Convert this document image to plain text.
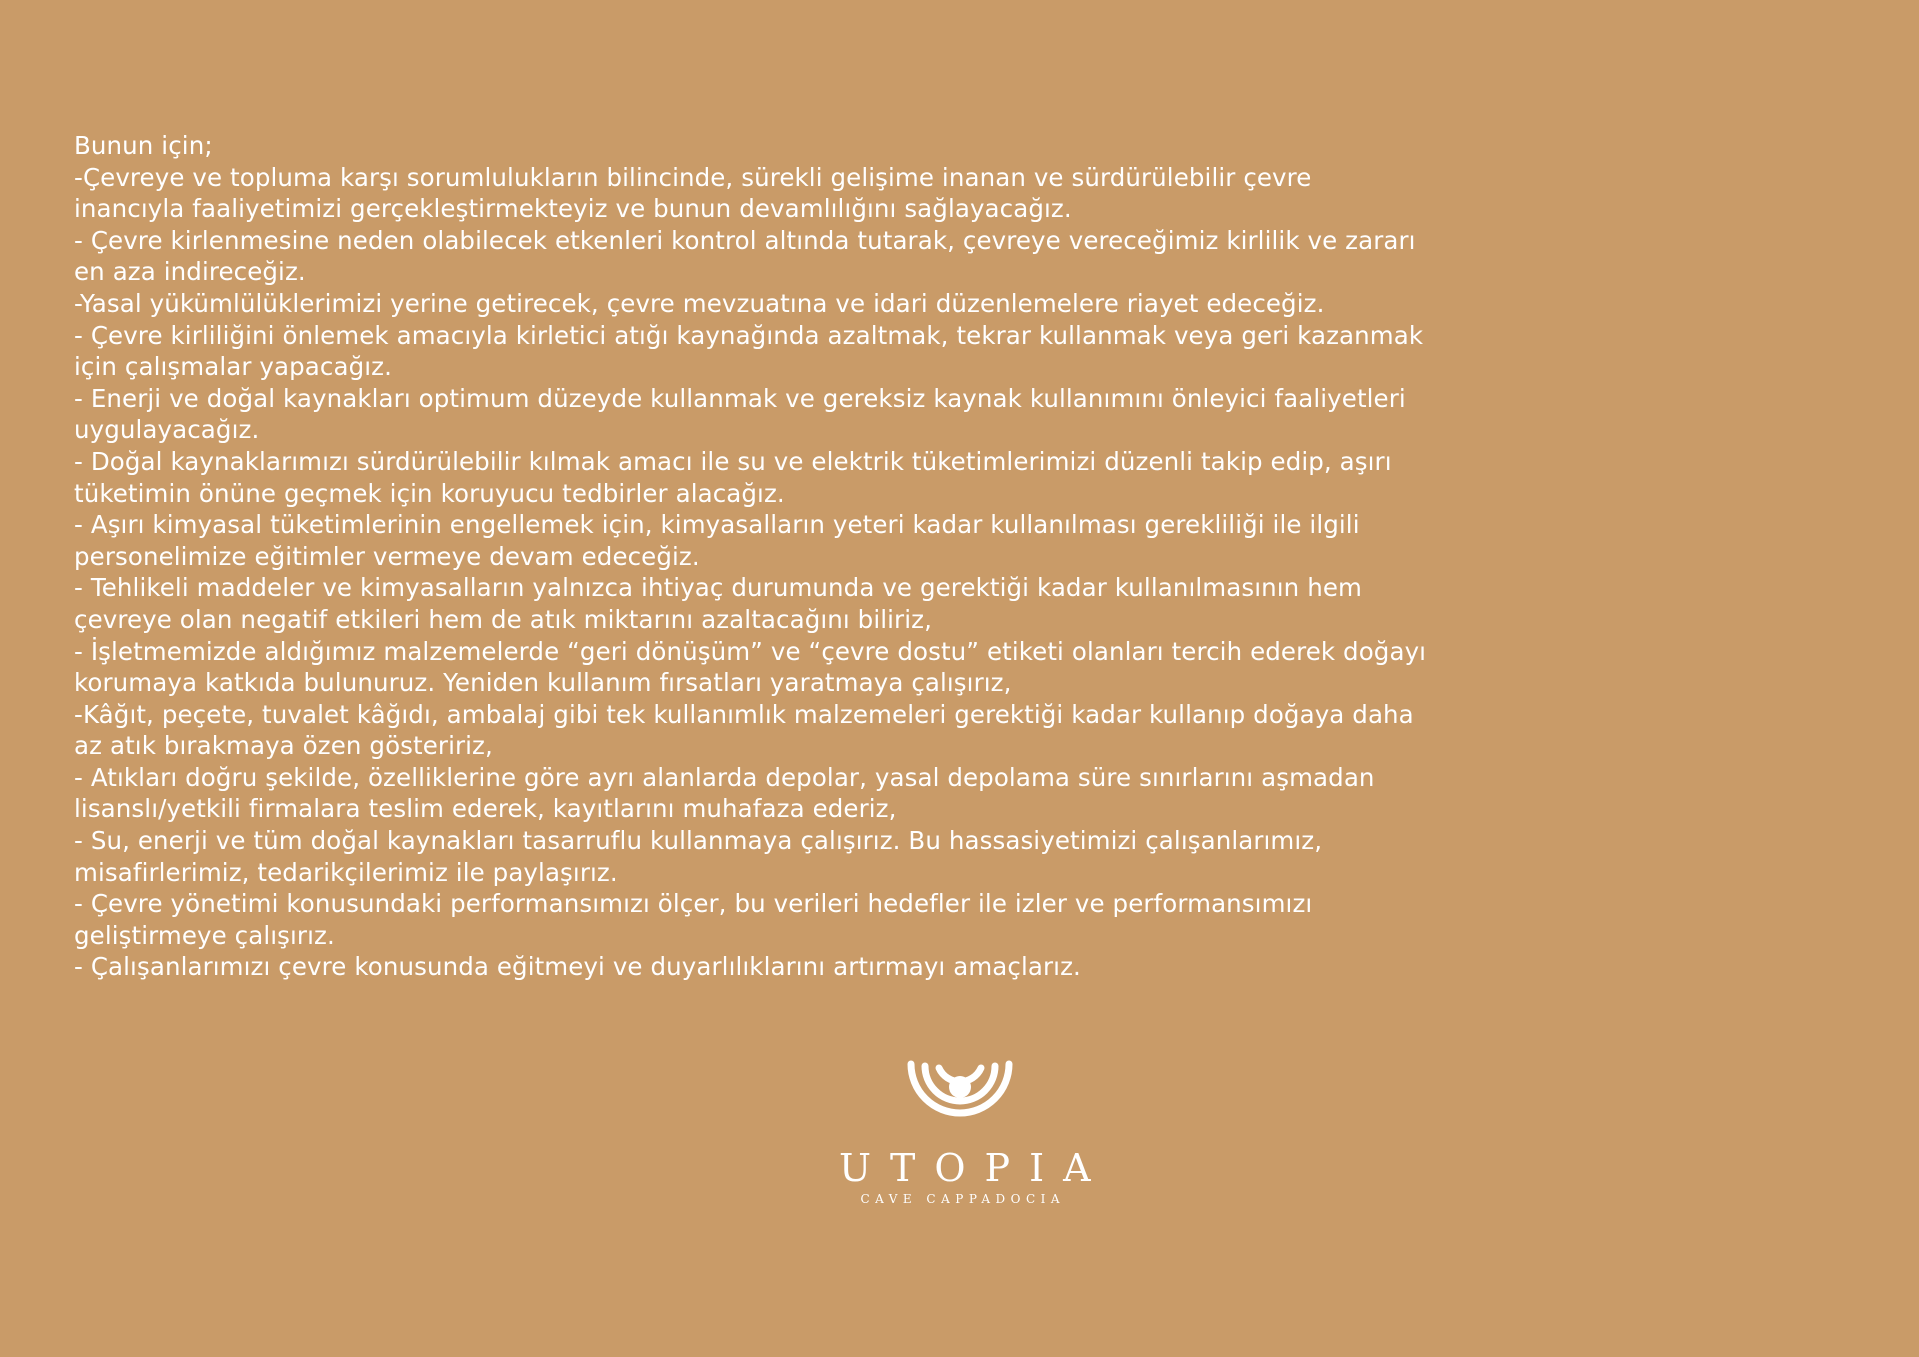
Bunun için;
-Çevreye ve topluma karşı sorumlulukların bilincinde, sürekli gelişime inanan ve sürdürülebilir çevre
inancıyla faaliyetimizi gerçekleştirmekteyiz ve bunun devamlılığını sağlayacağız.
- Çevre kirlenmesine neden olabilecek etkenleri kontrol altında tutarak, çevreye vereceğimiz kirlilik ve zararı
en aza indireceğiz.
-Yasal yükümlülüklerimizi yerine getirecek, çevre mevzuatına ve idari düzenlemelere riayet edeceğiz.
- Çevre kirliliğini önlemek amacıyla kirletici atığı kaynağında azaltmak, tekrar kullanmak veya geri kazanmak
için çalışmalar yapacağız.
- Enerji ve doğal kaynakları optimum düzeyde kullanmak ve gereksiz kaynak kullanımını önleyici faaliyetleri
uygulayacağız.
- Doğal kaynaklarımızı sürdürülebilir kılmak amacı ile su ve elektrik tüketimlerimizi düzenli takip edip, aşırı
tüketimin önüne geçmek için koruyucu tedbirler alacağız.
- Aşırı kimyasal tüketimlerinin engellemek için, kimyasalların yeteri kadar kullanılması gerekliliği ile ilgili
personelimize eğitimler vermeye devam edeceğiz.
- Tehlikeli maddeler ve kimyasalların yalnızca ihtiyaç durumunda ve gerektiği kadar kullanılmasının hem
çevreye olan negatif etkileri hem de atık miktarını azaltacağını biliriz,
- İşletmemizde aldığımız malzemelerde “geri dönüşüm” ve “çevre dostu” etiketi olanları tercih ederek doğayı
korumaya katkıda bulunuruz. Yeniden kullanım fırsatları yaratmaya çalışırız,
-Kâğıt, peçete, tuvalet kâğıdı, ambalaj gibi tek kullanımlık malzemeleri gerektiği kadar kullanıp doğaya daha
az atık bırakmaya özen gösteririz,
- Atıkları doğru şekilde, özelliklerine göre ayrı alanlarda depolar, yasal depolama süre sınırlarını aşmadan
lisanslı/yetkili firmalara teslim ederek, kayıtlarını muhafaza ederiz,
- Su, enerji ve tüm doğal kaynakları tasarruflu kullanmaya çalışırız. Bu hassasiyetimizi çalışanlarımız,
misafirlerimiz, tedarikçilerimiz ile paylaşırız.
- Çevre yönetimi konusundaki performansımızı ölçer, bu verileri hedefler ile izler ve performansımızı
geliştirmeye çalışırız.
- Çalışanlarımızı çevre konusunda eğitmeyi ve duyarlılıklarını artırmayı amaçlarız.

UTOPIA
CAVE CAPPADOCIA
